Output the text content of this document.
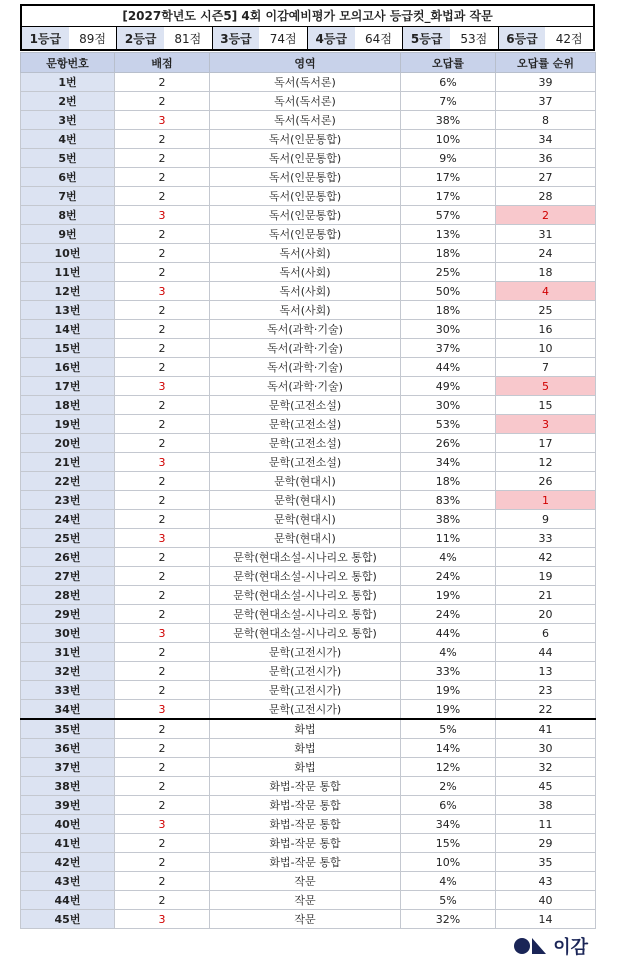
[2027학년도 시즌5] 4회 이감예비평가 모의고사 등급컷_화법과 작문
1등급	89점	2등급	81점	3등급	74점	4등급	64점	5등급	53점	6등급	42점
문항번호	배점	영역	오답률	오답률 순위
1번	2	독서(독서론)	6%	39
2번	2	독서(독서론)	7%	37
3번	3	독서(독서론)	38%	8
4번	2	독서(인문통합)	10%	34
5번	2	독서(인문통합)	9%	36
6번	2	독서(인문통합)	17%	27
7번	2	독서(인문통합)	17%	28
8번	3	독서(인문통합)	57%	2
9번	2	독서(인문통합)	13%	31
10번	2	독서(사회)	18%	24
11번	2	독서(사회)	25%	18
12번	3	독서(사회)	50%	4
13번	2	독서(사회)	18%	25
14번	2	독서(과학·기술)	30%	16
15번	2	독서(과학·기술)	37%	10
16번	2	독서(과학·기술)	44%	7
17번	3	독서(과학·기술)	49%	5
18번	2	문학(고전소설)	30%	15
19번	2	문학(고전소설)	53%	3
20번	2	문학(고전소설)	26%	17
21번	3	문학(고전소설)	34%	12
22번	2	문학(현대시)	18%	26
23번	2	문학(현대시)	83%	1
24번	2	문학(현대시)	38%	9
25번	3	문학(현대시)	11%	33
26번	2	문학(현대소설-시나리오 통합)	4%	42
27번	2	문학(현대소설-시나리오 통합)	24%	19
28번	2	문학(현대소설-시나리오 통합)	19%	21
29번	2	문학(현대소설-시나리오 통합)	24%	20
30번	3	문학(현대소설-시나리오 통합)	44%	6
31번	2	문학(고전시가)	4%	44
32번	2	문학(고전시가)	33%	13
33번	2	문학(고전시가)	19%	23
34번	3	문학(고전시가)	19%	22
35번	2	화법	5%	41
36번	2	화법	14%	30
37번	2	화법	12%	32
38번	2	화법-작문 통합	2%	45
39번	2	화법-작문 통합	6%	38
40번	3	화법-작문 통합	34%	11
41번	2	화법-작문 통합	15%	29
42번	2	화법-작문 통합	10%	35
43번	2	작문	4%	43
44번	2	작문	5%	40
45번	3	작문	32%	14
이감
